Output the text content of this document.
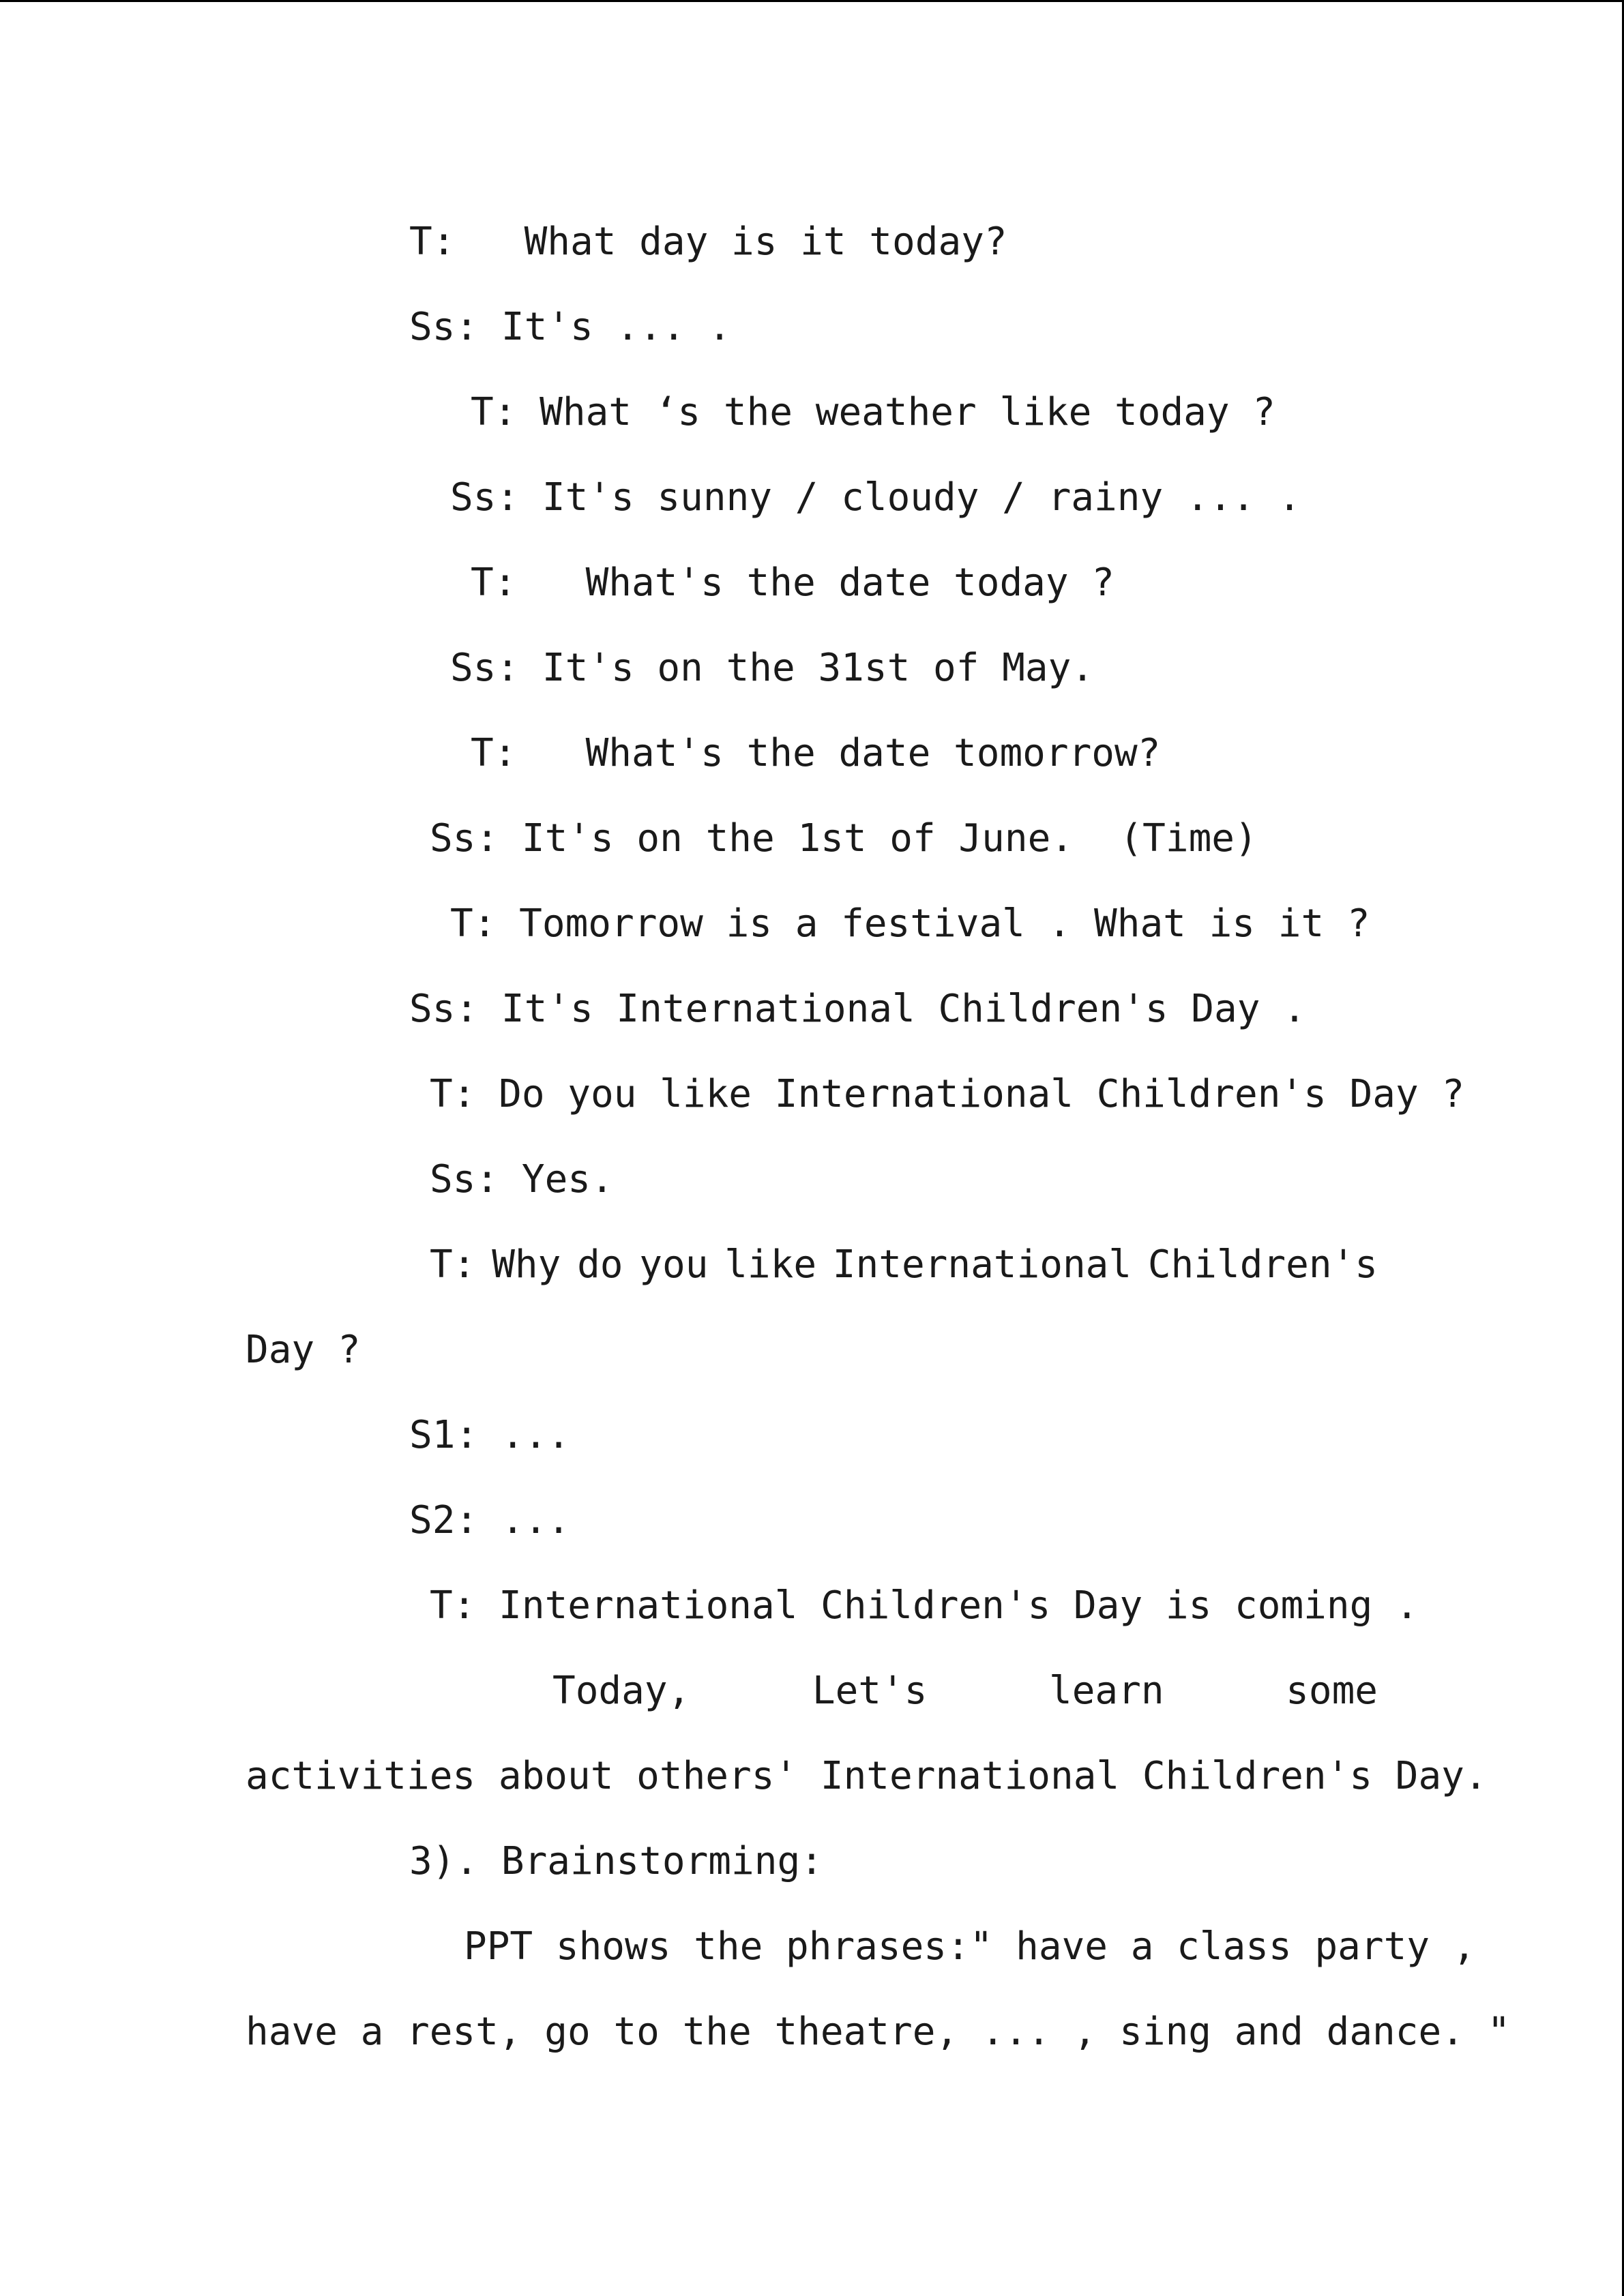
T:   What day is it today?
Ss: It's ... .
T: What ‘s the weather like today ?
Ss: It's sunny / cloudy / rainy ... .
T:   What's the date today ?
Ss: It's on the 31st of May.
T:   What's the date tomorrow?
Ss: It's on the 1st of June.  (Time)
T: Tomorrow is a festival . What is it ?
Ss: It's International Children's Day .
T: Do you like International Children's Day ?
Ss: Yes.
T: Why do you like International Children's
Day ?
S1: ...
S2: ...
T: International Children's Day is coming .
Today,	Let's	learn	some
activities about others' International Children's Day.
3). Brainstorming:
PPT shows the phrases:" have a class party ,
have a rest, go to the theatre, ... , sing and dance. "
